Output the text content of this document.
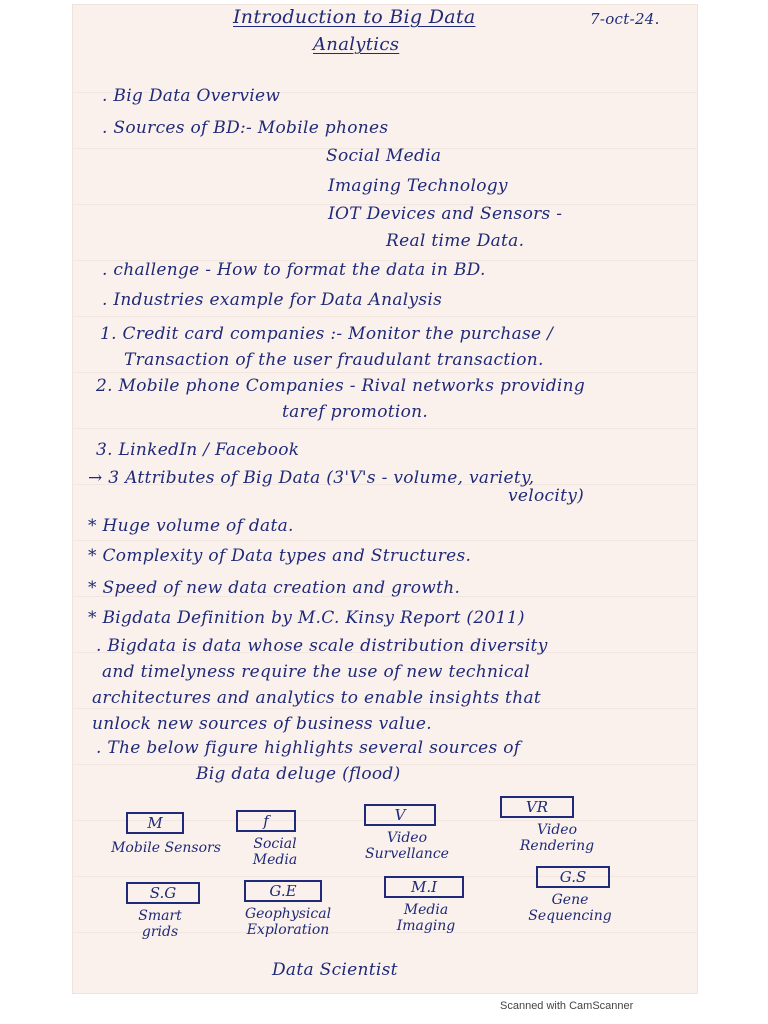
Introduction to Big Data
Analytics
7-oct-24.
. Big Data Overview
. Sources of BD:- Mobile phones
Social Media
Imaging Technology
IOT Devices and Sensors -
Real time Data.
. challenge - How to format the data in BD.
. Industries example for Data Analysis
1. Credit card companies :- Monitor the purchase /
Transaction of the user fraudulant transaction.
2. Mobile phone Companies - Rival networks providing
taref promotion.
3. LinkedIn / Facebook
→ 3 Attributes of Big Data (3'V's - volume, variety,
velocity)
* Huge volume of data.
* Complexity of Data types and Structures.
* Speed of new data creation and growth.
* Bigdata Definition by M.C. Kinsy Report (2011)
. Bigdata is data whose scale distribution diversity
and timelyness require the use of new technical
architectures and analytics to enable insights that
unlock new sources of business value.
. The below figure highlights several sources of
Big data deluge (flood)
M
Mobile Sensors
f
Social Media
V
Video Survellance
VR
Video Rendering
S.G
Smart grids
G.E
Geophysical Exploration
M.I
Media Imaging
G.S
Gene Sequencing
Data Scientist
Scanned with CamScanner
